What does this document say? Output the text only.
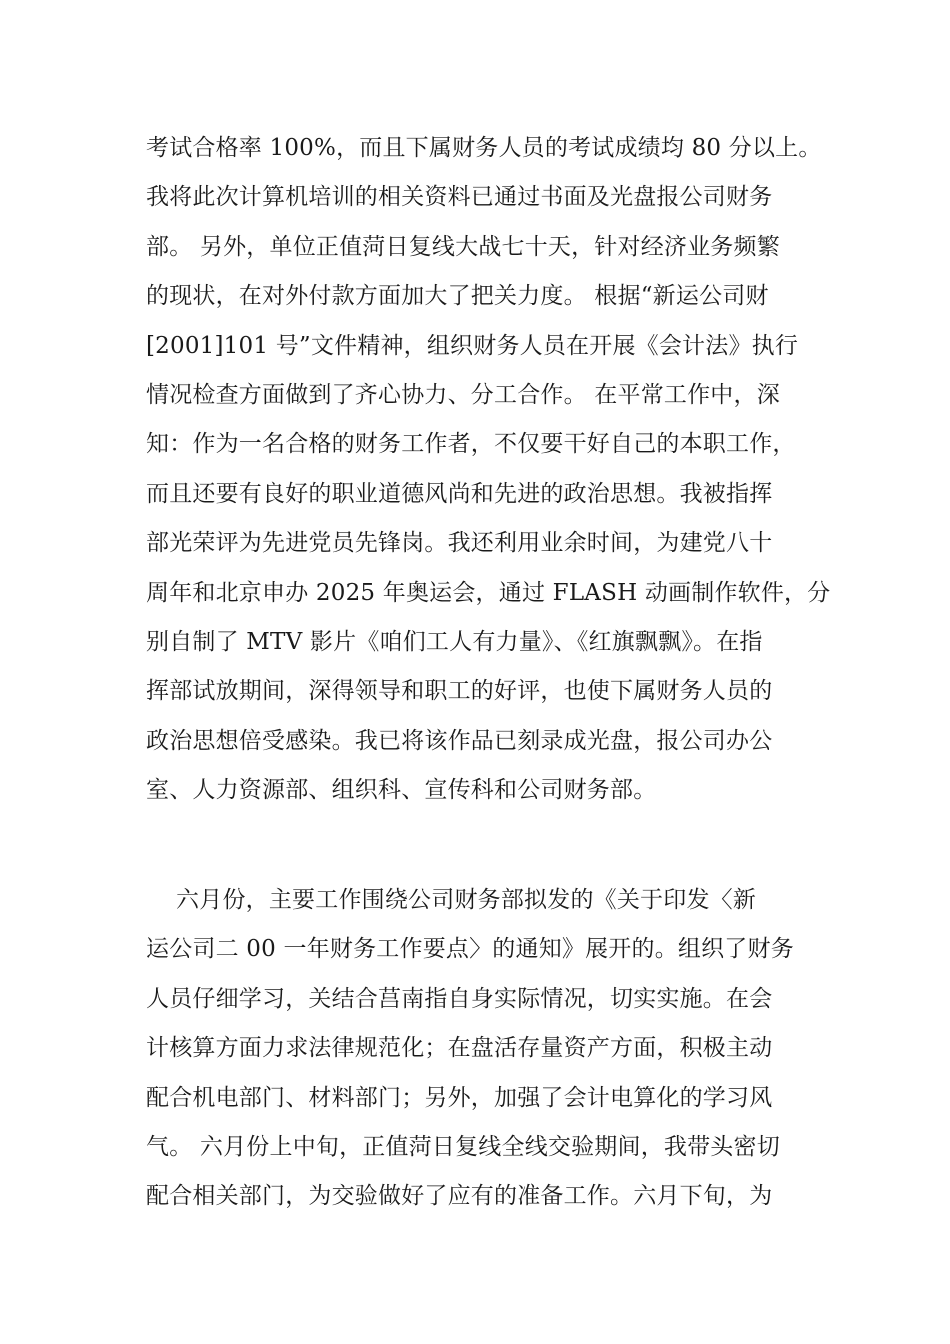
考试合格率 100%，而且下属财务人员的考试成绩均 80 分以上。
我将此次计算机培训的相关资料已通过书面及光盘报公司财务
部。 另外，单位正值菏日复线大战七十天，针对经济业务频繁
的现状，在对外付款方面加大了把关力度。 根据“新运公司财
[2001]101 号”文件精神，组织财务人员在开展《会计法》执行
情况检查方面做到了齐心协力、分工合作。 在平常工作中，深
知：作为一名合格的财务工作者，不仅要干好自己的本职工作，
而且还要有良好的职业道德风尚和先进的政治思想。我被指挥
部光荣评为先进党员先锋岗。我还利用业余时间，为建党八十
周年和北京申办 2025 年奥运会，通过 FLASH 动画制作软件，分
别自制了 MTV 影片《咱们工人有力量》、《红旗飘飘》。在指
挥部试放期间，深得领导和职工的好评，也使下属财务人员的
政治思想倍受感染。我已将该作品已刻录成光盘，报公司办公
室、人力资源部、组织科、宣传科和公司财务部。
六月份，主要工作围绕公司财务部拟发的《关于印发〈新
运公司二 00 一年财务工作要点〉的通知》展开的。组织了财务
人员仔细学习，关结合莒南指自身实际情况，切实实施。在会
计核算方面力求法律规范化；在盘活存量资产方面，积极主动
配合机电部门、材料部门；另外，加强了会计电算化的学习风
气。 六月份上中旬，正值菏日复线全线交验期间，我带头密切
配合相关部门，为交验做好了应有的准备工作。六月下旬，为
